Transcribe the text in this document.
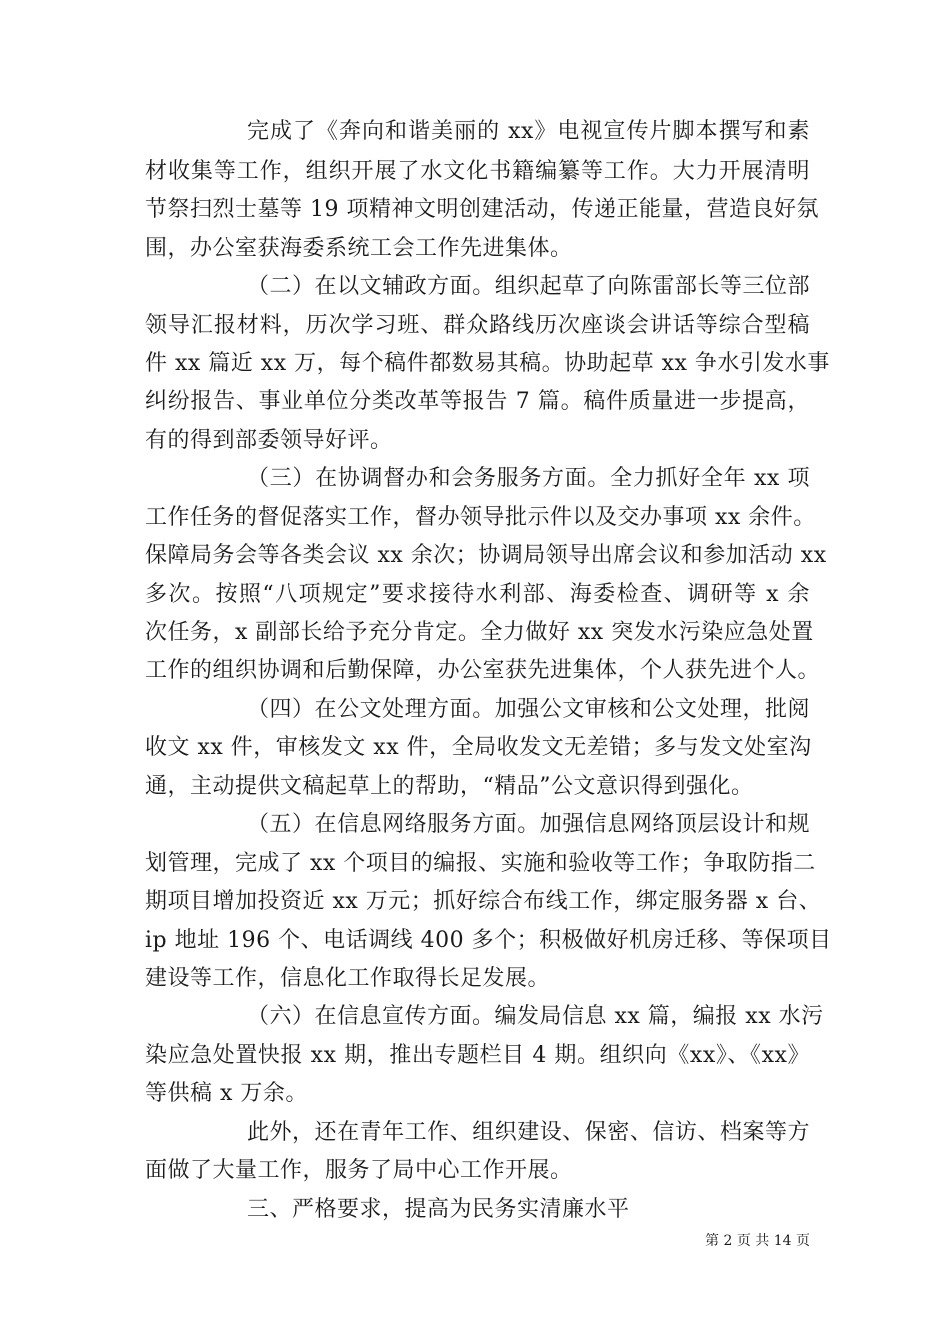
完成了《奔向和谐美丽的 xx》电视宣传片脚本撰写和素
材收集等工作，组织开展了水文化书籍编纂等工作。大力开展清明
节祭扫烈士墓等 19 项精神文明创建活动，传递正能量，营造良好氛
围，办公室获海委系统工会工作先进集体。
（二）在以文辅政方面。组织起草了向陈雷部长等三位部
领导汇报材料，历次学习班、群众路线历次座谈会讲话等综合型稿
件 xx 篇近 xx 万，每个稿件都数易其稿。协助起草 xx 争水引发水事
纠纷报告、事业单位分类改革等报告 7 篇。稿件质量进一步提高，
有的得到部委领导好评。
（三）在协调督办和会务服务方面。全力抓好全年 xx 项
工作任务的督促落实工作，督办领导批示件以及交办事项 xx 余件。
保障局务会等各类会议 xx 余次；协调局领导出席会议和参加活动 xx
多次。按照“八项规定”要求接待水利部、海委检查、调研等 x 余
次任务，x 副部长给予充分肯定。全力做好 xx 突发水污染应急处置
工作的组织协调和后勤保障，办公室获先进集体，个人获先进个人。
（四）在公文处理方面。加强公文审核和公文处理，批阅
收文 xx 件，审核发文 xx 件，全局收发文无差错；多与发文处室沟
通，主动提供文稿起草上的帮助，“精品”公文意识得到强化。
（五）在信息网络服务方面。加强信息网络顶层设计和规
划管理，完成了 xx 个项目的编报、实施和验收等工作；争取防指二
期项目增加投资近 xx 万元；抓好综合布线工作，绑定服务器 x 台、
ip 地址 196 个、电话调线 400 多个；积极做好机房迁移、等保项目
建设等工作，信息化工作取得长足发展。
（六）在信息宣传方面。编发局信息 xx 篇，编报 xx 水污
染应急处置快报 xx 期，推出专题栏目 4 期。组织向《xx》、《xx》
等供稿 x 万余。
此外，还在青年工作、组织建设、保密、信访、档案等方
面做了大量工作，服务了局中心工作开展。
三、严格要求，提高为民务实清廉水平
第 2 页 共 14 页
